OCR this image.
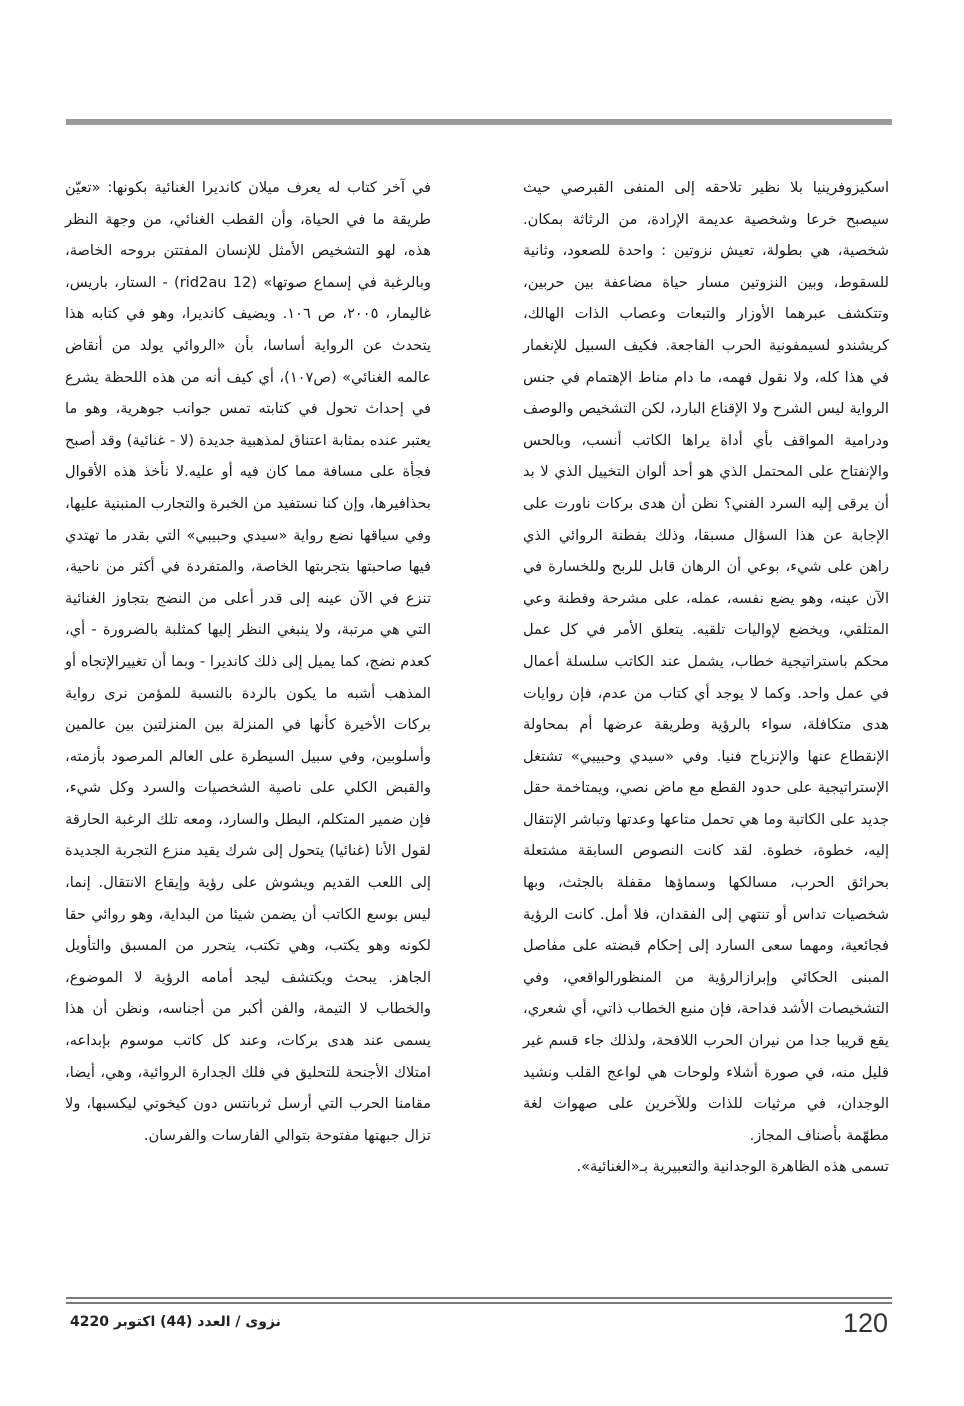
اسكيزوفرينيا بلا نظير تلاحقه إلى المنفى القبرصي حيث سيصبح خرعا وشخصية عديمة الإرادة، من الرثاثة بمكان. شخصية، هي بطولة، تعيش نزوتين : واحدة للصعود، وثانية للسقوط، وبين النزوتين مسار حياة مضاعفة بين حربين، وتتكشف عبرهما الأوزار والتبعات وعصاب الذات الهالك، كريشندو لسيمفونية الحرب الفاجعة. فكيف السبيل للإنغمار في هذا كله، ولا نقول فهمه، ما دام مناط الإهتمام في جنس الرواية ليس الشرح ولا الإقناع البارد، لكن التشخيص والوصف ودرامية المواقف بأي أداة يراها الكاتب أنسب، وبالحس والإنفتاح على المحتمل الذي هو أحد ألوان التخييل الذي لا بد أن يرقى إليه السرد الفني؟ نظن أن هدى بركات ناورت على الإجابة عن هذا السؤال مسبقا، وذلك بفطنة الروائي الذي راهن على شيء، بوعي أن الرهان قابل للربح وللخسارة في الآن عينه، وهو يضع نفسه، عمله، على مشرحة وفطنة وعي المتلقي، ويخضع لإواليات تلقيه. يتعلق الأمر في كل عمل محكم باستراتيجية خطاب، يشمل عند الكاتب سلسلة أعمال في عمل واحد. وكما لا يوجد أي كتاب من عدم، فإن روايات هدى متكافلة، سواء بالرؤية وطريقة عرضها أم بمحاولة الإنقطاع عنها والإنزياح فنيا. وفي «سيدي وحبيبي» تشتغل الإستراتيجية على حدود القطع مع ماض نصي، ويمتاخمة حقل جديد على الكاتبة وما هي تحمل متاعها وعدتها وتباشر الإنتقال إليه، خطوة، خطوة. لقد كانت النصوص السابقة مشتعلة بحرائق الحرب، مسالكها وسماؤها مقفلة بالجثث، وبها شخصيات تداس أو تنتهي إلى الفقدان، فلا أمل. كانت الرؤية فجائعية، ومهما سعى السارد إلى إحكام قبضته على مفاصل المبنى الحكائي وإبرازالرؤية من المنظورالواقعي، وفي التشخيصات الأشد فداحة، فإن منبع الخطاب ذاتي، أي شعري، يقع قريبا جدا من نيران الحرب اللافحة، ولذلك جاء قسم غير قليل منه، في صورة أشلاء ولوحات هي لواعج القلب ونشيد الوجدان، في مرثيات للذات وللآخرين على صهوات لغة مطهّمة بأصناف المجاز.

تسمى هذه الظاهرة الوجدانية والتعبيرية بـ«الغنائية».

في آخر كتاب له يعرف ميلان كانديرا الغنائية بكونها: «تعيّن طريقة ما في الحياة، وأن القطب الغنائي، من وجهة النظر هذه، لهو التشخيص الأمثل للإنسان المفتتن بروحه الخاصة، وبالرغبة في إسماع صوتها» (12 rid2au) - الستار، باريس، غاليمار، ٢٠٠٥، ص ١٠٦. ويضيف كانديرا، وهو في كتابه هذا يتحدث عن الرواية أساسا، بأن «الروائي يولد من أنقاض عالمه الغنائي» (ص١٠٧)، أي كيف أنه من هذه اللحظة يشرع في إحداث تحول في كتابته تمس جوانب جوهرية، وهو ما يعتبر عنده بمثابة اعتناق لمذهبية جديدة (لا - غنائية) وقد أصبح فجأة على مسافة مما كان فيه أو عليه.لا نأخذ هذه الأقوال بحذافيرها، وإن كنا نستفيد من الخبرة والتجارب المنبنية عليها، وفي سياقها نضع رواية «سيدي وحبيبي» التي بقدر ما تهتدي فيها صاحبتها بتجربتها الخاصة، والمتفردة في أكثر من ناحية، تنزع في الآن عينه إلى قدر أعلى من النضج بتجاوز الغنائية التي هي مرتبة، ولا ينبغي النظر إليها كمثلبة بالضرورة - أي، كعدم نضج، كما يميل إلى ذلك كانديرا - وبما أن تغييرالإتجاه أو المذهب أشبه ما يكون بالردة بالنسبة للمؤمن نرى رواية بركات الأخيرة كأنها في المنزلة بين المنزلتين بين عالمين وأسلوبين، وفي سبيل السيطرة على العالم المرصود بأزمته، والقبض الكلي على ناصية الشخصيات والسرد وكل شيء، فإن ضمير المتكلم، البطل والسارد، ومعه تلك الرغبة الحارقة لقول الأنا (غنائيا) يتحول إلى شرك يقيد منزع التجربة الجديدة إلى اللعب القديم ويشوش على رؤية وإيقاع الانتقال. إنما، ليس بوسع الكاتب أن يضمن شيئا من البداية، وهو روائي حقا لكونه وهو يكتب، وهي تكتب، يتحرر من المسبق والتأويل الجاهز. يبحث ويكتشف ليجد أمامه الرؤية لا الموضوع، والخطاب لا التيمة، والفن أكبر من أجناسه، ونظن أن هذا يسمى عند هدى بركات، وعند كل كاتب موسوم بإبداعه، امتلاك الأجنحة للتحليق في فلك الجدارة الروائية، وهي، أيضا، مقامنا الحرب التي أرسل ثربانتس دون كيخوتي ليكسبها، ولا تزال جبهتها مفتوحة بتوالي الفارسات والفرسان.

120
نزوى / العدد (44) اكتوبر 4220
